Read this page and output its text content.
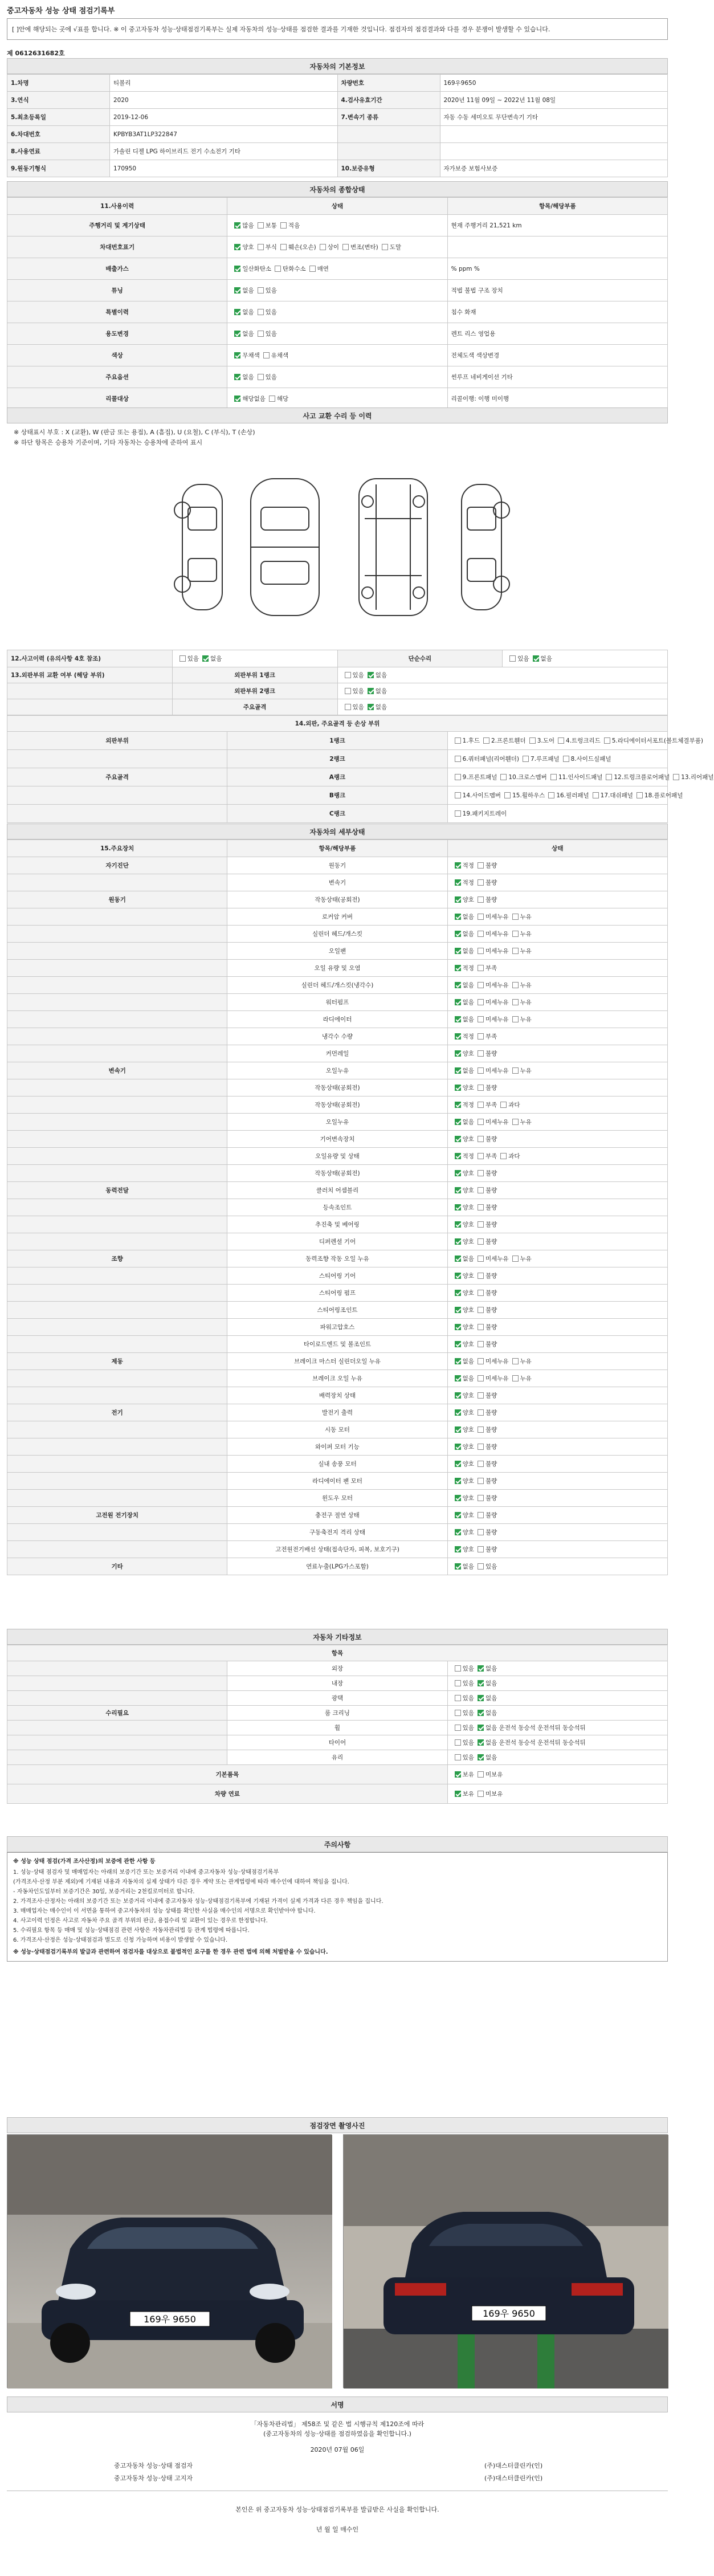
중고자동차 성능 상태 점검기록부
[ ]안에 해당되는 곳에 √표를 합니다. ※ 이 중고자동차 성능·상태점검기록부는 실제 자동차의 성능·상태를 점검한 결과를 기재한 것입니다. 점검자의 점검결과와 다를 경우 분쟁이 발생할 수 있습니다.
제 0612631682호
자동차의 기본정보
1.차명	티볼리	차량번호	169우9650
3.연식	2020	4.검사유효기간	2020년 11월 09일 ~ 2022년 11월 08일
5.최초등록일	2019-12-06	7.변속기 종류	자동 수동 세미오토 무단변속기 기타
6.차대번호	KPBYB3AT1LP322847		
8.사용연료	가솔린 디젤 LPG 하이브리드 전기 수소전기 기타		
9.원동기형식	170950	10.보증유형	자가보증 보험사보증
자동차의 종합상태
11.사용이력	상태	항목/해당부품
주행거리 및 계기상태	많음 보통 적음	현재 주행거리 21,521 km
차대번호표기	양호 부식 훼손(오손) 상이 변조(변타) 도말	
배출가스	일산화탄소 탄화수소 매연	% ppm %
튜닝	없음 있음	적법 불법 구조 장치
특별이력	없음 있음	침수 화재
용도변경	없음 있음	렌트 리스 영업용
색상	무채색 유채색	전체도색 색상변경
주요옵션	없음 있음	썬루프 네비게이션 기타
리콜대상	해당없음 해당	리콜이행: 이행 미이행
사고 교환 수리 등 이력
※ 상태표시 부호 : X (교환), W (판금 또는 용접), A (흠집), U (요철), C (부식), T (손상)
※ 하단 항목은 승용차 기준이며, 기타 자동차는 승용차에 준하여 표시
12.사고이력 (유의사항 4호 참조)	있음 없음	단순수리	있음 없음
13.외판부위 교환 여부 (해당 부위)	외판부위 1랭크	있음 없음	
	외판부위 2랭크	있음 없음	
	주요골격	있음 없음	
14.외판, 주요골격 등 손상 부위		
외판부위	1랭크	1.후드 2.프론트휀더 3.도어 4.트렁크리드 5.라디에이터서포트(볼트체결부품)
	2랭크	6.쿼터패널(리어휀더) 7.루프패널 8.사이드실패널
주요골격	A랭크	9.프론트패널 10.크로스멤버 11.인사이드패널 12.트렁크플로어패널 13.리어패널
	B랭크	14.사이드멤버 15.휠하우스 16.필러패널 17.대쉬패널 18.플로어패널
	C랭크	19.패키지트레이
자동차의 세부상태
15.주요장치	항목/해당부품	상태
자기진단	원동기	적정 불량
	변속기	적정 불량
원동기	작동상태(공회전)	양호 불량
	로커암 커버	없음 미세누유 누유
	실린더 헤드/개스킷	없음 미세누유 누유
	오일팬	없음 미세누유 누유
	오일 유량 및 오염	적정 부족
	실린더 헤드/개스킷(냉각수)	없음 미세누유 누유
	워터펌프	없음 미세누유 누유
	라디에이터	없음 미세누유 누유
	냉각수 수량	적정 부족
	커먼레일	양호 불량
변속기	오일누유	없음 미세누유 누유
	작동상태(공회전)	양호 불량
	작동상태(공회전)	적정 부족 과다
	오일누유	없음 미세누유 누유
	기어변속장치	양호 불량
	오일유량 및 상태	적정 부족 과다
	작동상태(공회전)	양호 불량
동력전달	클러치 어셈블리	양호 불량
	등속조인트	양호 불량
	추진축 및 베어링	양호 불량
	디퍼렌셜 기어	양호 불량
조향	동력조향 작동 오일 누유	없음 미세누유 누유
	스티어링 기어	양호 불량
	스티어링 펌프	양호 불량
	스티어링조인트	양호 불량
	파워고압호스	양호 불량
	타이로드엔드 및 볼조인트	양호 불량
제동	브레이크 마스터 실린더오일 누유	없음 미세누유 누유
	브레이크 오일 누유	없음 미세누유 누유
	배력장치 상태	양호 불량
전기	발전기 출력	양호 불량
	시동 모터	양호 불량
	와이퍼 모터 기능	양호 불량
	실내 송풍 모터	양호 불량
	라디에이터 팬 모터	양호 불량
	윈도우 모터	양호 불량
고전원 전기장치	충전구 절연 상태	양호 불량
	구동축전지 격리 상태	양호 불량
	고전원전기배선 상태(접속단자, 피복, 보호기구)	양호 불량
기타	연료누출(LPG가스포함)	없음 있음
자동차 기타정보
항목		
	외장	있음 없음
	내장	있음 없음
	광택	있음 없음
수리필요	룸 크리닝	있음 없음
	휠	있음 없음 운전석 동승석 운전석뒤 동승석뒤
	타이어	있음 없음 운전석 동승석 운전석뒤 동승석뒤
	유리	있음 없음
기본품목		보유 미보유
차량 연료		보유 미보유
주의사항
※ 성능 상태 점검(가격 조사산정)의 보증에 관한 사항 등
1. 성능·상태 점검자 및 매매업자는 아래의 보증기간 또는 보증거리 이내에 중고자동차 성능·상태점검기록부
(가격조사·산정 부분 제외)에 기재된 내용과 자동차의 실제 상태가 다른 경우 계약 또는 관계법령에 따라 매수인에 대하여 책임을 집니다.
- 자동차인도일부터 보증기간은 30일, 보증거리는 2천킬로미터로 합니다.
2. 가격조사·산정자는 아래의 보증기간 또는 보증거리 이내에 중고자동차 성능·상태점검기록부에 기재된 가격이 실제 가격과 다른 경우 책임을 집니다.
3. 매매업자는 매수인이 이 서면을 통하여 중고자동차의 성능 상태를 확인한 사실을 매수인의 서명으로 확인받아야 합니다.
4. 사고이력 인정은 사고로 자동차 주요 골격 부위의 판금, 용접수리 및 교환이 있는 경우로 한정합니다.
5. 수리필요 항목 등 매매 및 성능·상태점검 관련 사항은 자동차관리법 등 관계 법령에 따릅니다.
6. 가격조사·산정은 성능·상태점검과 별도로 신청 가능하며 비용이 발생할 수 있습니다.
※ 성능·상태점검기록부의 발급과 관련하여 점검자를 대상으로 불법적인 요구를 한 경우 관련 법에 의해 처벌받을 수 있습니다.
점검장면 촬영사진
169우 9650
169우 9650
서명
「자동차관리법」 제58조 및 같은 법 시행규칙 제120조에 따라
(중고자동차의 성능·상태를 점검하였음을 확인합니다.)
2020년 07월 06일
중고자동차 성능·상태 점검자	(주)대스터클린카(인)
중고자동차 성능·상태 고지자	(주)대스터클린카(인)
본인은 위 중고자동차 성능·상태점검기록부를 발급받은 사실을 확인합니다.
년 월 일 매수인
